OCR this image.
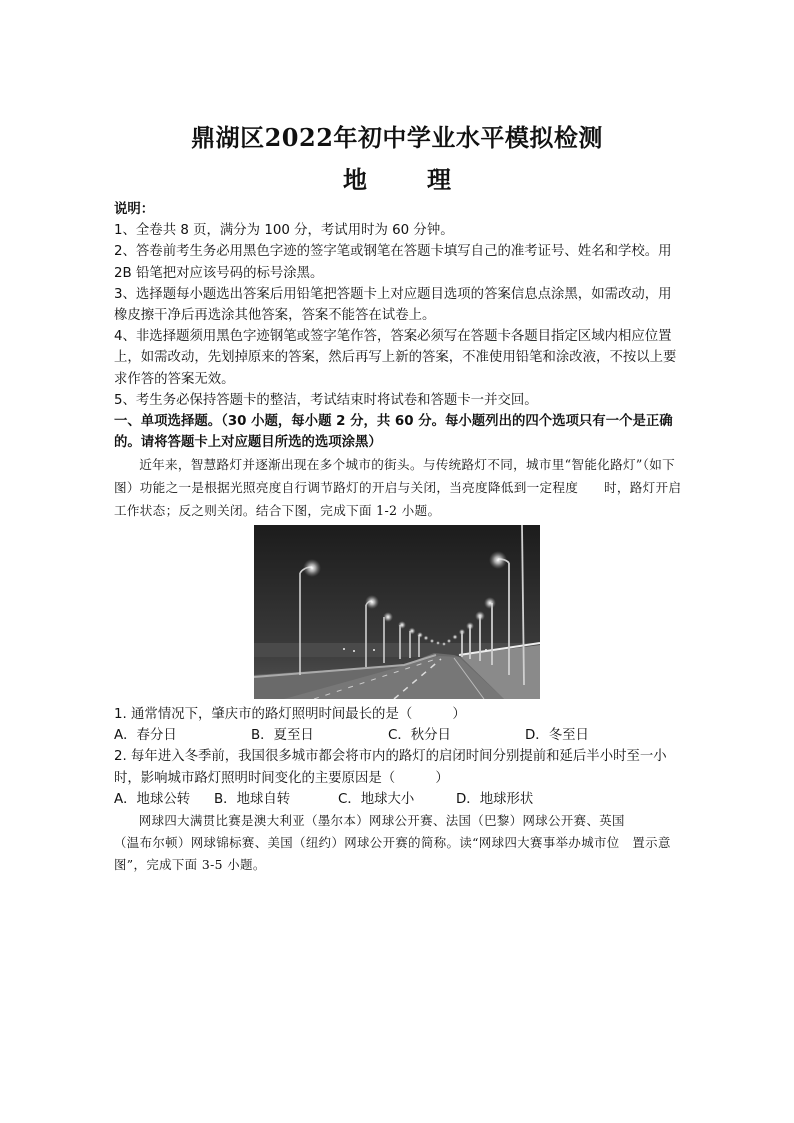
鼎湖区2022年初中学业水平模拟检测
地　理

说明：

1、全卷共 8 页，满分为 100 分，考试用时为 60 分钟。

2、答卷前考生务必用黑色字迹的签字笔或钢笔在答题卡填写自己的准考证号、姓名和学校。用 2B 铅笔把对应该号码的标号涂黑。

3、选择题每小题选出答案后用铅笔把答题卡上对应题目选项的答案信息点涂黑，如需改动，用橡皮擦干净后再选涂其他答案，答案不能答在试卷上。

4、非选择题须用黑色字迹钢笔或签字笔作答，答案必须写在答题卡各题目指定区域内相应位置上，如需改动，先划掉原来的答案，然后再写上新的答案，不准使用铅笔和涂改液，不按以上要求作答的答案无效。

5、考生务必保持答题卡的整洁，考试结束时将试卷和答题卡一并交回。

一、单项选择题。（30 小题，每小题 2 分，共 60 分。每小题列出的四个选项只有一个是正确的。请将答题卡上对应题目所选的选项涂黑）

近年来，智慧路灯并逐渐出现在多个城市的街头。与传统路灯不同，城市里“智能化路灯”（如下图）功能之一是根据光照亮度自行调节路灯的开启与关闭，当亮度降低到一定程度　　时，路灯开启工作状态；反之则关闭。结合下图，完成下面 1-2 小题。

1. 通常情况下，肇庆市的路灯照明时间最长的是（　　　）

A．春分日	B．夏至日	C．秋分日	D．冬至日

2. 每年进入冬季前，我国很多城市都会将市内的路灯的启闭时间分别提前和延后半小时至一小时，影响城市路灯照明时间变化的主要原因是（　　　）

A．地球公转	B．地球自转	C．地球大小	D．地球形状
网球四大满贯比赛是澳大利亚（墨尔本）网球公开赛、法国（巴黎）网球公开赛、英国
（温布尔顿）网球锦标赛、美国（纽约）网球公开赛的简称。读“网球四大赛事举办城市位　置示意图”，完成下面 3-5 小题。
